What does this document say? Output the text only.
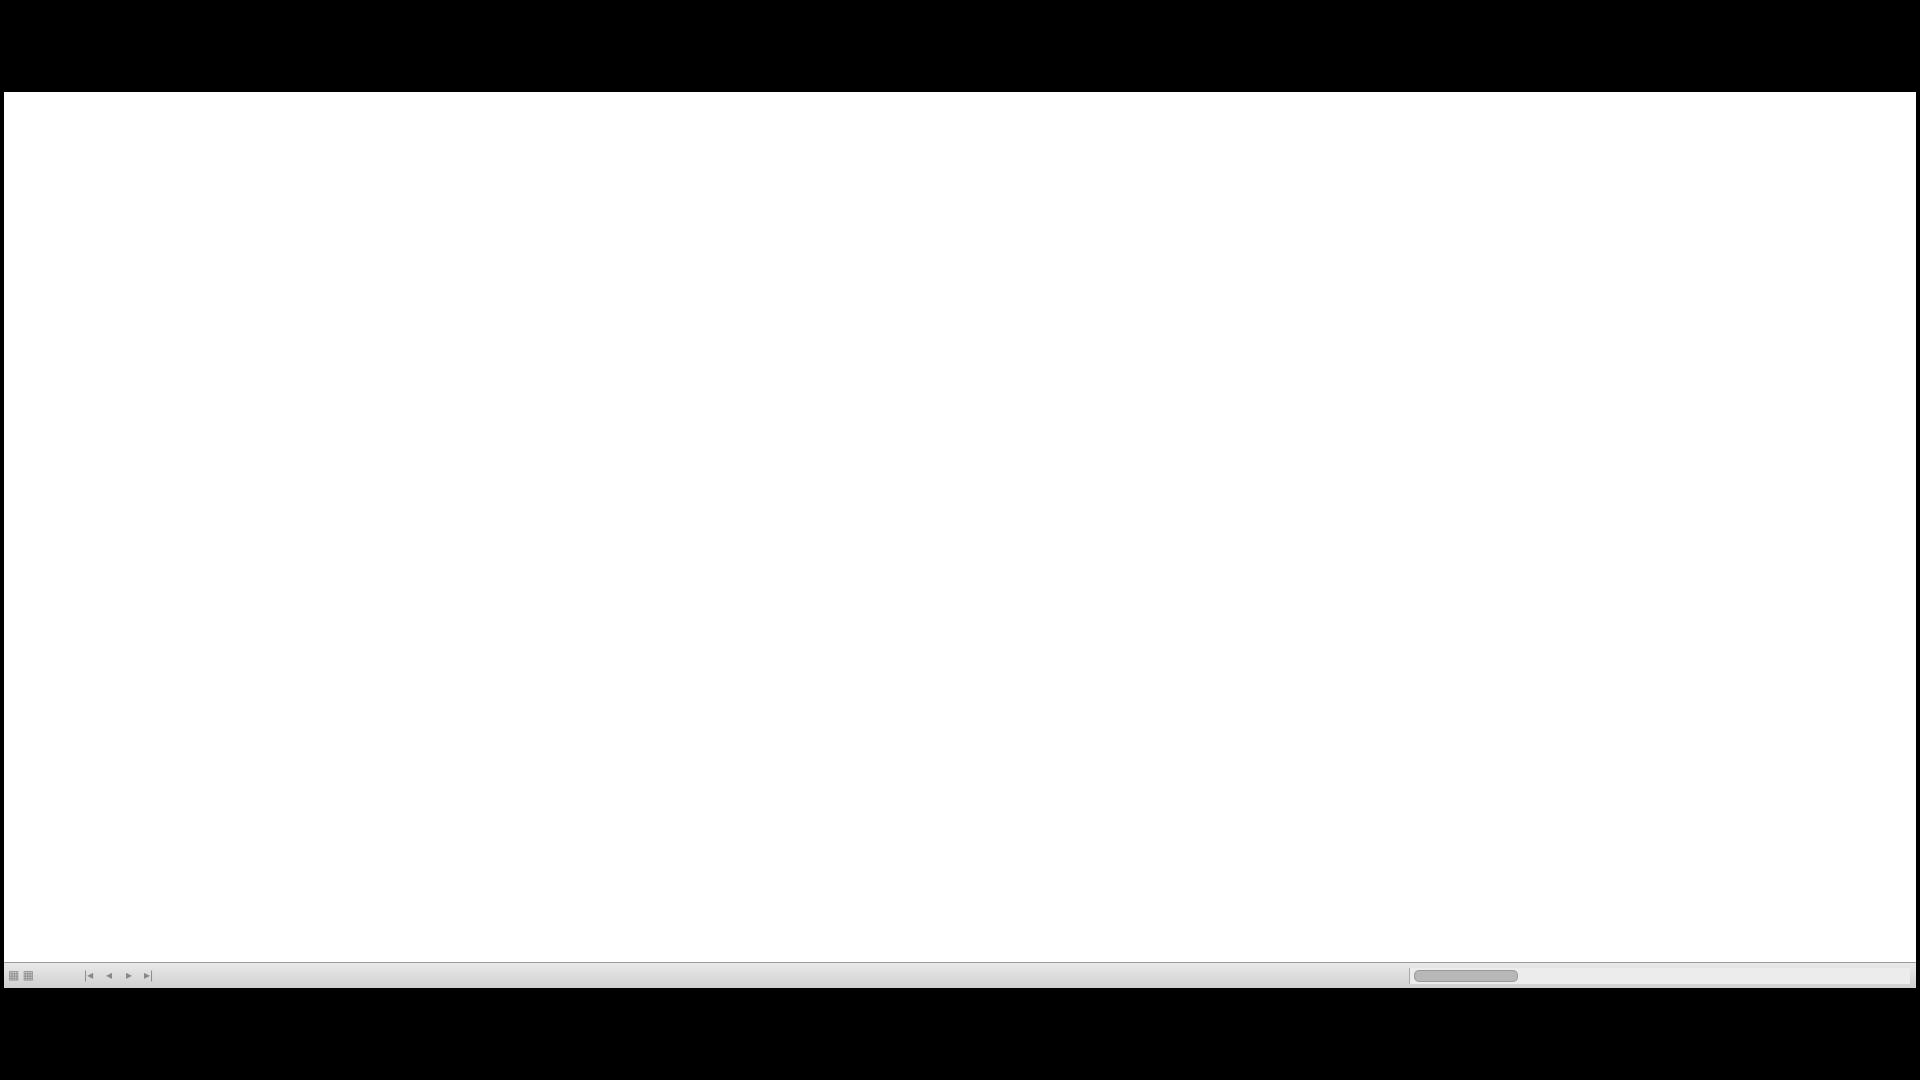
▦ ▦	|◂ ◂ ▸ ▸|
